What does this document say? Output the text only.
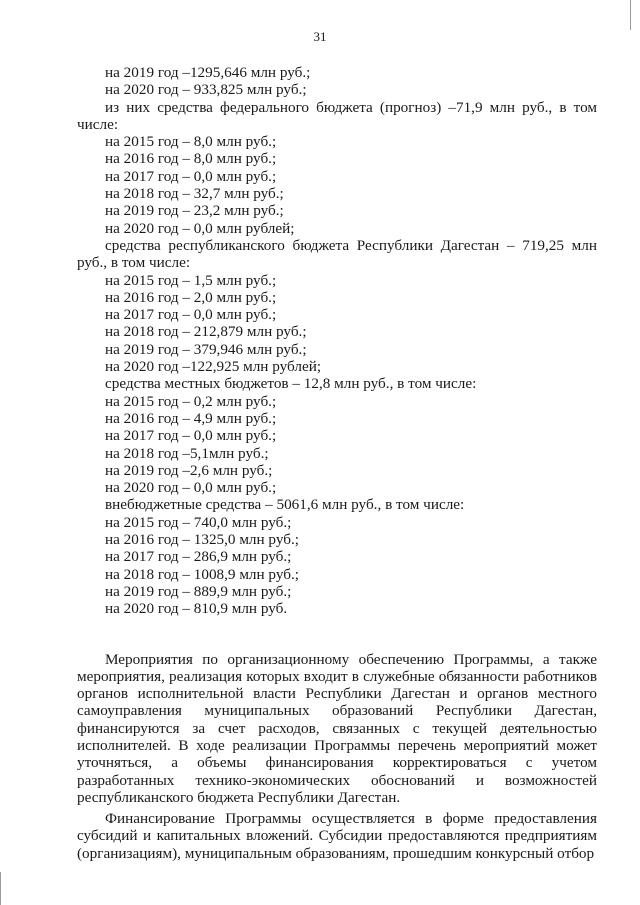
31
на 2019 год –1295,646 млн руб.;
на 2020 год – 933,825 млн руб.;
из них средства федерального бюджета (прогноз) –71,9 млн руб., в том
числе:
на 2015 год – 8,0 млн руб.;
на 2016 год – 8,0 млн руб.;
на 2017 год – 0,0 млн руб.;
на 2018 год – 32,7 млн руб.;
на 2019 год – 23,2 млн руб.;
на 2020 год – 0,0 млн рублей;
средства республиканского бюджета Республики Дагестан – 719,25 млн
руб., в том числе:
на 2015 год – 1,5 млн руб.;
на 2016 год – 2,0 млн руб.;
на 2017 год – 0,0 млн руб.;
на 2018 год – 212,879 млн руб.;
на 2019 год – 379,946 млн руб.;
на 2020 год –122,925 млн рублей;
средства местных бюджетов – 12,8 млн руб., в том числе:
на 2015 год – 0,2 млн руб.;
на 2016 год – 4,9 млн руб.;
на 2017 год – 0,0 млн руб.;
на 2018 год –5,1млн руб.;
на 2019 год –2,6 млн руб.;
на 2020 год – 0,0 млн руб.;
внебюджетные средства – 5061,6 млн руб., в том числе:
на 2015 год – 740,0 млн руб.;
на 2016 год – 1325,0 млн руб.;
на 2017 год – 286,9 млн руб.;
на 2018 год – 1008,9 млн руб.;
на 2019 год – 889,9 млн руб.;
на 2020 год – 810,9 млн руб.

Мероприятия по организационному обеспечению Программы, а также мероприятия, реализация которых входит в служебные обязанности работников органов исполнительной власти Республики Дагестан и органов местного самоуправления муниципальных образований Республики Дагестан, финансируются за счет расходов, связанных с текущей деятельностью исполнителей. В ходе реализации Программы перечень мероприятий может уточняться, а объемы финансирования корректироваться с учетом разработанных технико-экономических обоснований и возможностей республиканского бюджета Республики Дагестан.

Финансирование Программы осуществляется в форме предоставления субсидий и капитальных вложений. Субсидии предоставляются предприятиям (организациям), муниципальным образованиям, прошедшим конкурсный отбор
